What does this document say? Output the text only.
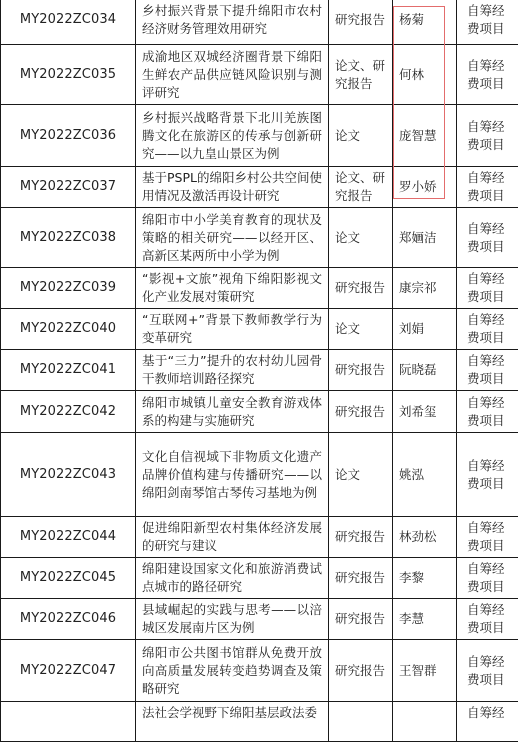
MY2022ZC034	乡村振兴背景下提升绵阳市农村经济财务管理效用研究	研究报告	杨菊	自筹经费项目
MY2022ZC035	成渝地区双城经济圈背景下绵阳生鲜农产品供应链风险识别与测评研究	论文、研究报告	何林	自筹经费项目
MY2022ZC036	乡村振兴战略背景下北川羌族图腾文化在旅游区的传承与创新研究——以九皇山景区为例	论文	庞智慧	自筹经费项目
MY2022ZC037	基于PSPL的绵阳乡村公共空间使用情况及激活再设计研究	论文、研究报告	罗小娇	自筹经费项目
MY2022ZC038	绵阳市中小学美育教育的现状及策略的相关研究——以经开区、高新区某两所中小学为例	论文	郑婳洁	自筹经费项目
MY2022ZC039	“影视+文旅”视角下绵阳影视文化产业发展对策研究	研究报告	康宗祁	自筹经费项目
MY2022ZC040	“互联网+”背景下教师教学行为变革研究	论文	刘娟	自筹经费项目
MY2022ZC041	基于“三力”提升的农村幼儿园骨干教师培训路径探究	研究报告	阮晓磊	自筹经费项目
MY2022ZC042	绵阳市城镇儿童安全教育游戏体系的构建与实施研究	研究报告	刘希玺	自筹经费项目
MY2022ZC043	文化自信视域下非物质文化遗产品牌价值构建与传播研究——以绵阳剑南琴馆古琴传习基地为例	论文	姚泓	自筹经费项目
MY2022ZC044	促进绵阳新型农村集体经济发展的研究与建议	研究报告	林劲松	自筹经费项目
MY2022ZC045	绵阳建设国家文化和旅游消费试点城市的路径研究	研究报告	李黎	自筹经费项目
MY2022ZC046	县域崛起的实践与思考——以涪城区发展南片区为例	研究报告	李慧	自筹经费项目
MY2022ZC047	绵阳市公共图书馆群从免费开放向高质量发展转变趋势调查及策略研究	研究报告	王智群	自筹经费项目
	法社会学视野下绵阳基层政法委			自筹经
